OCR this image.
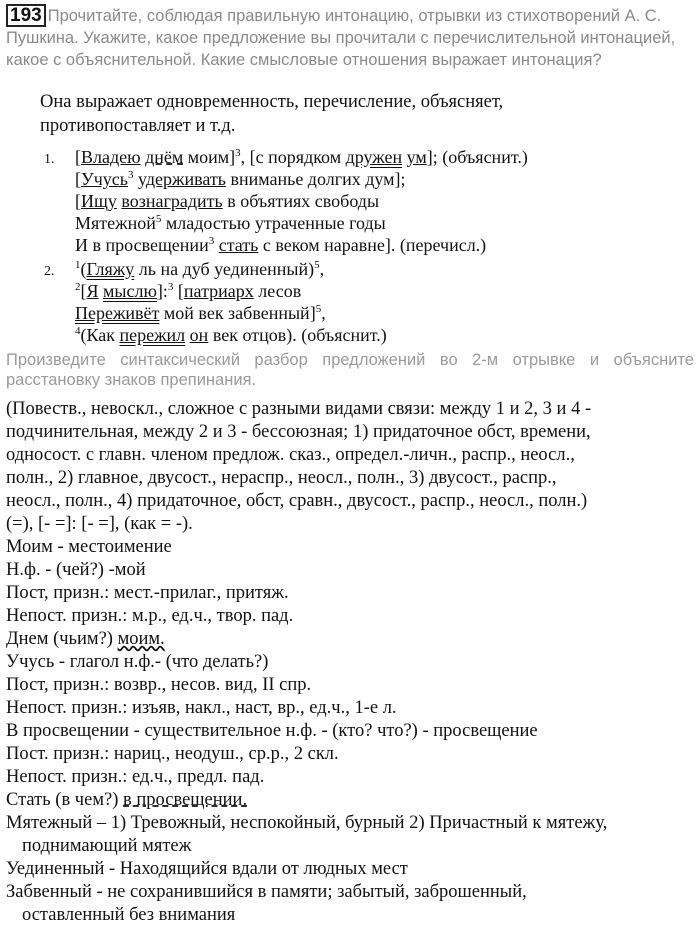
193 Прочитайте, соблюдая правильную интонацию, отрывки из стихотворений А. С. Пушкина. Укажите, какое предложение вы прочитали с перечислительной интонацией, какое с объяснительной. Какие смысловые отношения выражает интонация?

Она выражает одновременность, перечисление, объясняет,

противопоставляет и т.д.

1.	[Владею днём моим]$^3$, [с порядком дружен ум]; (объяснит.)
[Учусь$^3$ удерживать вниманье долгих дум];
[Ищу вознаградить в объятиях свободы
Мятежной$^5$ младостью утраченные годы
И в просвещении$^3$ стать с веком наравне]. (перечисл.)
2.	$^1$(Гляжу ль на дуб уединенный)$^5$,
$^2$[Я мыслю]:$^3$ [патриарх лесов
Переживёт мой век забвенный]$^5$,
$^4$(Как пережил он век отцов). (объяснит.)
Произведите синтаксический разбор предложений во 2-м отрывке и объясните расстановку знаков препинания.
(Повеств., невоскл., сложное с разными видами связи: между 1 и 2, 3 и 4 -
подчинительная, между 2 и 3 - бессоюзная; 1) придаточное обст, времени,
односост. с главн. членом предлож. сказ., определ.-личн., распр., неосл.,
полн., 2) главное, двусост., нераспр., неосл., полн., 3) двусост., распр.,
неосл., полн., 4) придаточное, обст, сравн., двусост., распр., неосл., полн.)
(=), [- =]: [- =], (как = -).
Моим - местоимение
Н.ф. - (чей?) -мой
Пост, призн.: мест.-прилаг., притяж.
Непост. призн.: м.р., ед.ч., твор. пад.
Днем (чьим?) моим.
Учусь - глагол н.ф.- (что делать?)
Пост, призн.: возвр., несов. вид, II спр.
Непост. призн.: изъяв, накл., наст, вр., ед.ч., 1-е л.
В просвещении - существительное н.ф. - (кто? что?) - просвещение
Пост. призн.: нариц., неодуш., ср.р., 2 скл.
Непост. призн.: ед.ч., предл. пад.
Стать (в чем?) в просвещении.
Мятежный – 1) Тревожный, неспокойный, бурный 2) Причастный к мятежу,
поднимающий мятеж
Уединенный - Находящийся вдали от людных мест
Забвенный - не сохранившийся в памяти; забытый, заброшенный,
оставленный без внимания
